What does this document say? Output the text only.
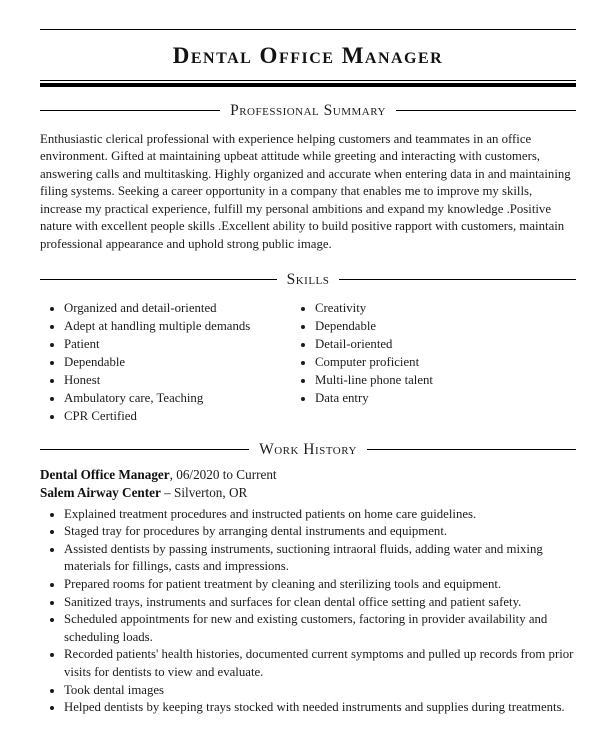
Dental Office Manager
Professional Summary
Enthusiastic clerical professional with experience helping customers and teammates in an office environment. Gifted at maintaining upbeat attitude while greeting and interacting with customers, answering calls and multitasking. Highly organized and accurate when entering data in and maintaining filing systems. Seeking a career opportunity in a company that enables me to improve my skills, increase my practical experience, fulfill my personal ambitions and expand my knowledge .Positive nature with excellent people skills .Excellent ability to build positive rapport with customers, maintain professional appearance and uphold strong public image.
Skills
• Organized and detail-oriented
• Adept at handling multiple demands
• Patient
• Dependable
• Honest
• Ambulatory care, Teaching
• CPR Certified
• Creativity
• Dependable
• Detail-oriented
• Computer proficient
• Multi-line phone talent
• Data entry
Work History
Dental Office Manager, 06/2020 to Current
Salem Airway Center – Silverton, OR
• Explained treatment procedures and instructed patients on home care guidelines.
• Staged tray for procedures by arranging dental instruments and equipment.
• Assisted dentists by passing instruments, suctioning intraoral fluids, adding water and mixing materials for fillings, casts and impressions.
• Prepared rooms for patient treatment by cleaning and sterilizing tools and equipment.
• Sanitized trays, instruments and surfaces for clean dental office setting and patient safety.
• Scheduled appointments for new and existing customers, factoring in provider availability and scheduling loads.
• Recorded patients' health histories, documented current symptoms and pulled up records from prior visits for dentists to view and evaluate.
• Took dental images
• Helped dentists by keeping trays stocked with needed instruments and supplies during treatments.
